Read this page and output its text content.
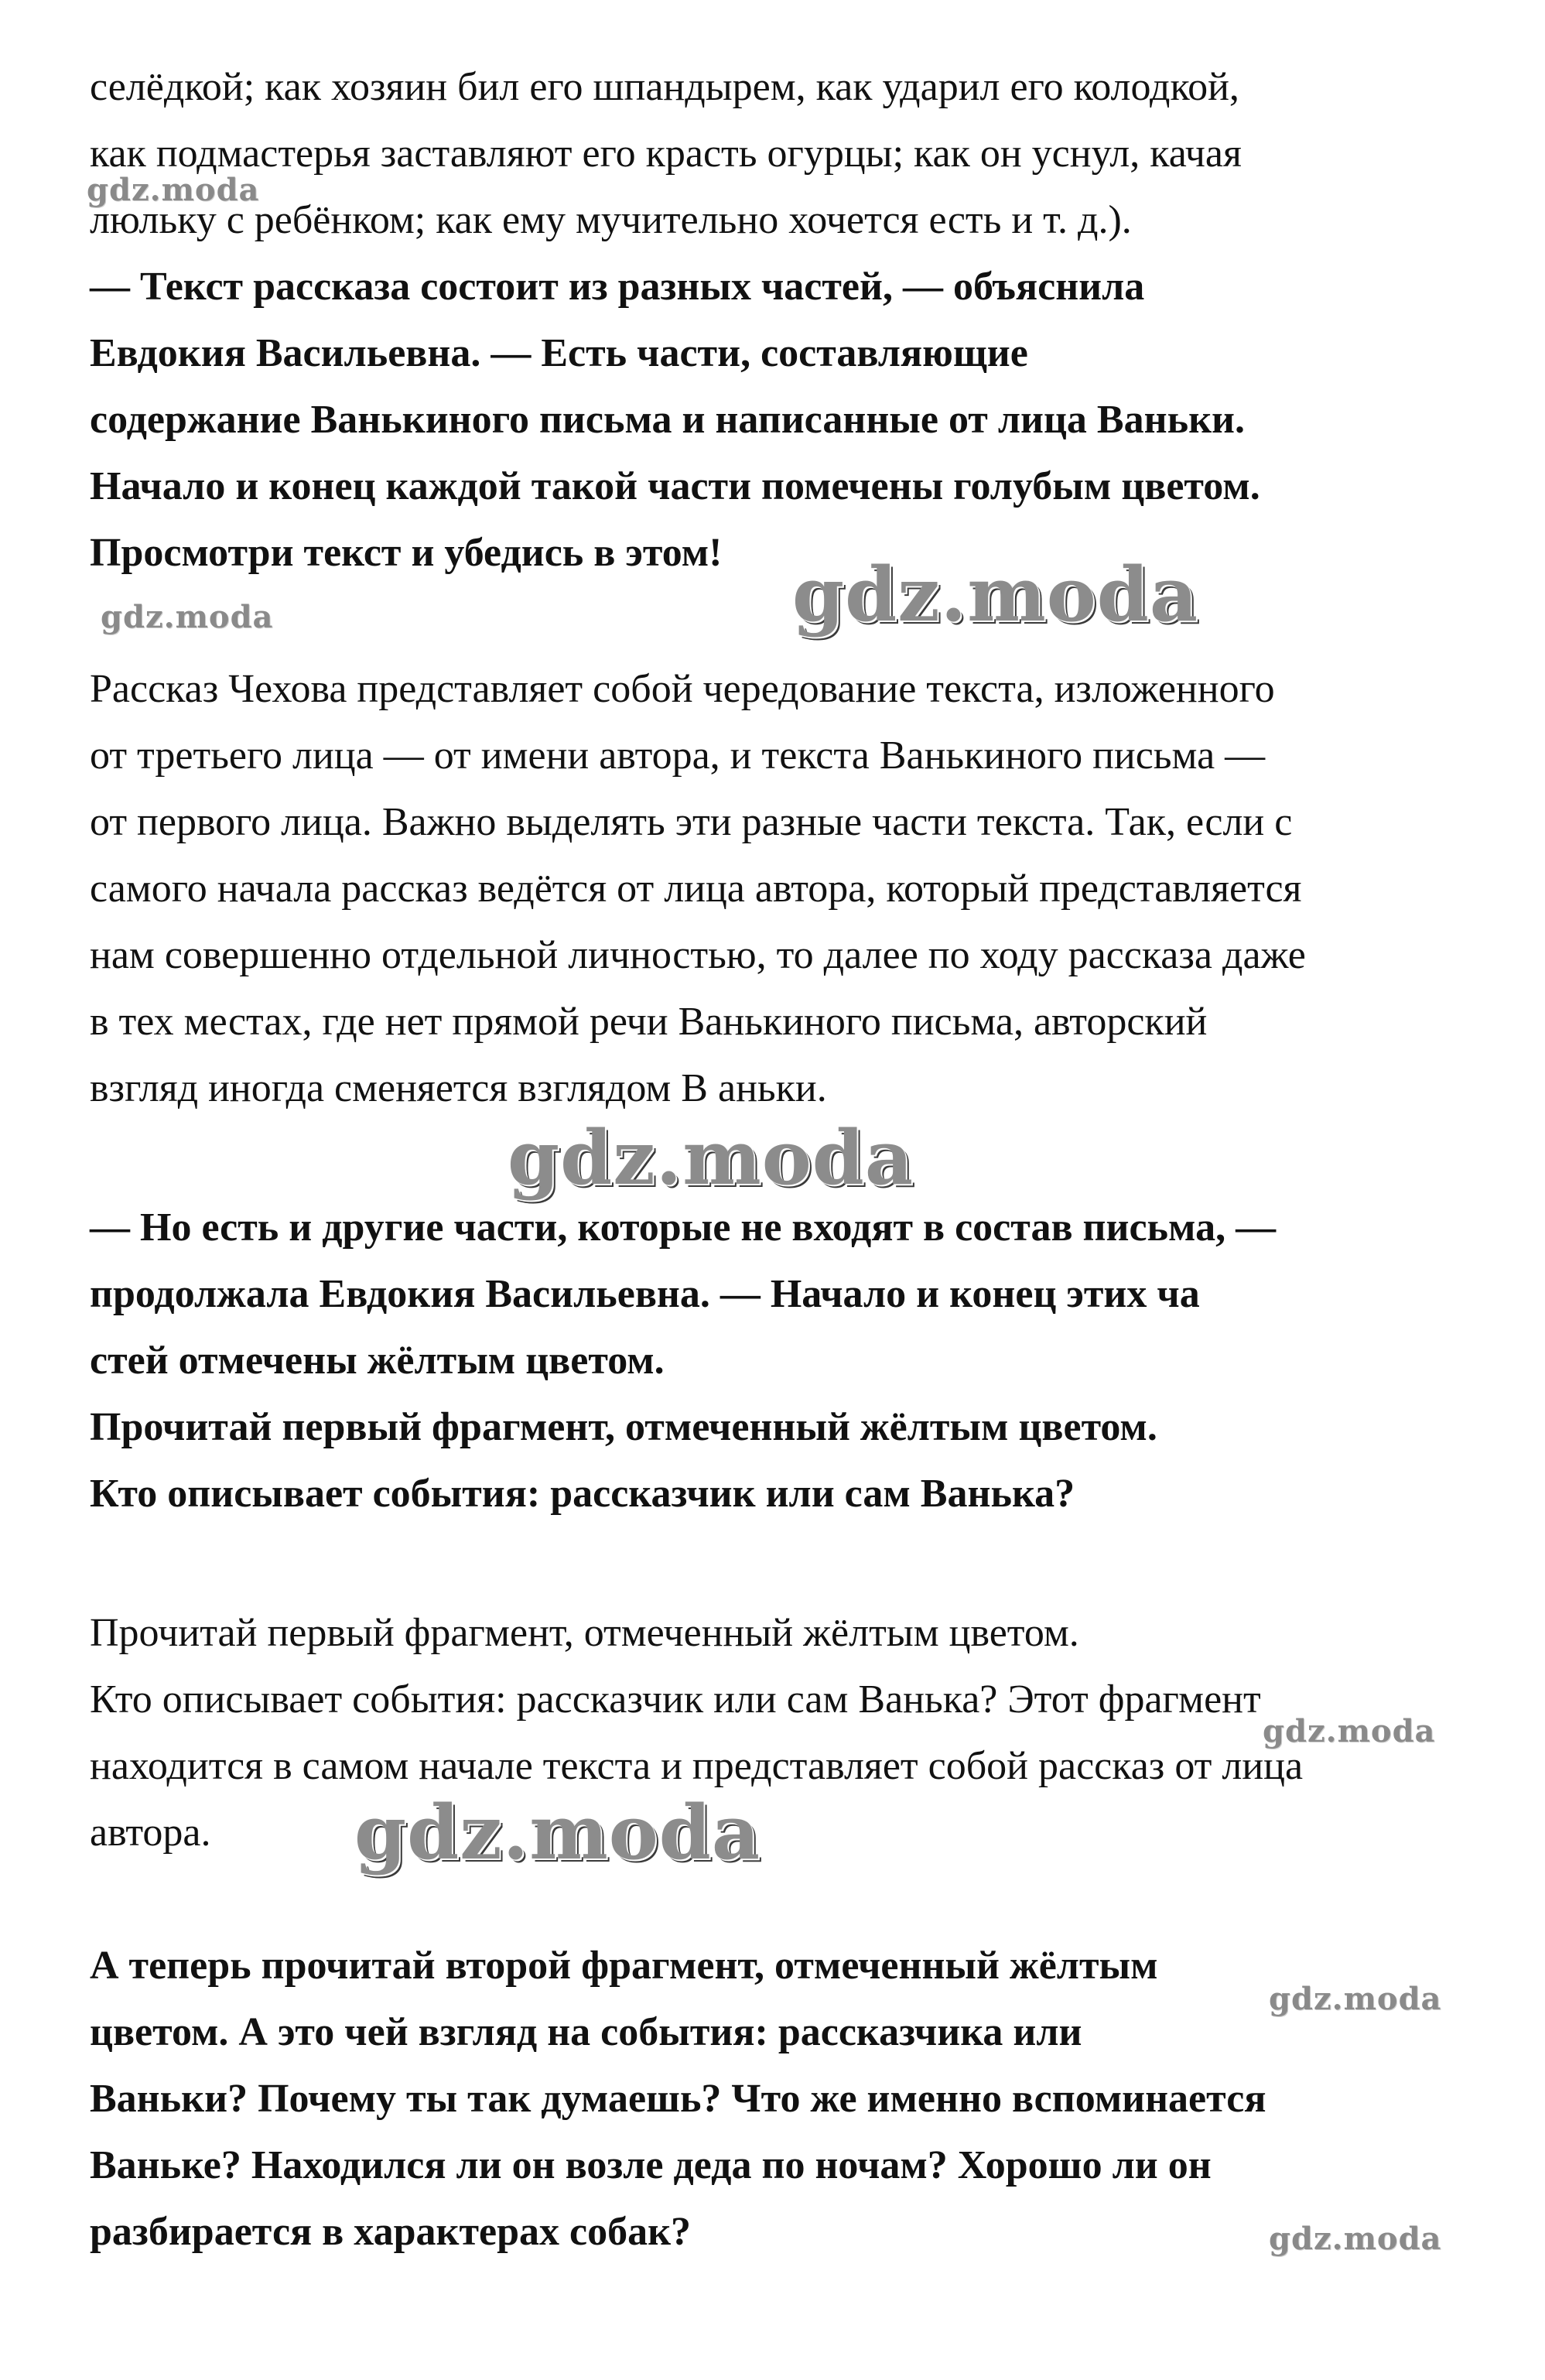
селёдкой; как хозяин бил его шпандырем, как ударил его колодкой,
как подмастерья заставляют его красть огурцы; как он уснул, качая
люльку с ребёнком; как ему мучительно хочется есть и т. д.).
— Текст рассказа состоит из разных частей, — объяснила
Евдокия Васильевна. — Есть части, составляющие
содержание Ванькиного письма и написанные от лица Ваньки.
Начало и конец каждой такой части помечены голубым цветом.
Просмотри текст и убедись в этом!
Рассказ Чехова представляет собой чередование текста, изложенного
от третьего лица — от имени автора, и текста Ванькиного письма —
от первого лица. Важно выделять эти разные части текста. Так, если с
самого начала рассказ ведётся от лица автора, который представляется
нам совершенно отдельной личностью, то далее по ходу рассказа даже
в тех местах, где нет прямой речи Ванькиного письма, авторский
взгляд иногда сменяется взглядом В аньки.
— Но есть и другие части, которые не входят в состав письма, —
продолжала Евдокия Васильевна. — Начало и конец этих ча
стей отмечены жёлтым цветом.
Прочитай первый фрагмент, отмеченный жёлтым цветом.
Кто описывает события: рассказчик или сам Ванька?
Прочитай первый фрагмент, отмеченный жёлтым цветом.
Кто описывает события: рассказчик или сам Ванька? Этот фрагмент
находится в самом начале текста и представляет собой рассказ от лица
автора.
А теперь прочитай второй фрагмент, отмеченный жёлтым
цветом. А это чей взгляд на события: рассказчика или
Ваньки? Почему ты так думаешь? Что же именно вспоминается
Ваньке? Находился ли он возле деда по ночам? Хорошо ли он
разбирается в характерах собак?
gdz.moda
gdz.moda	gdz.moda
gdz.moda
gdz.moda
gdz.moda
gdz.moda
gdz.moda
